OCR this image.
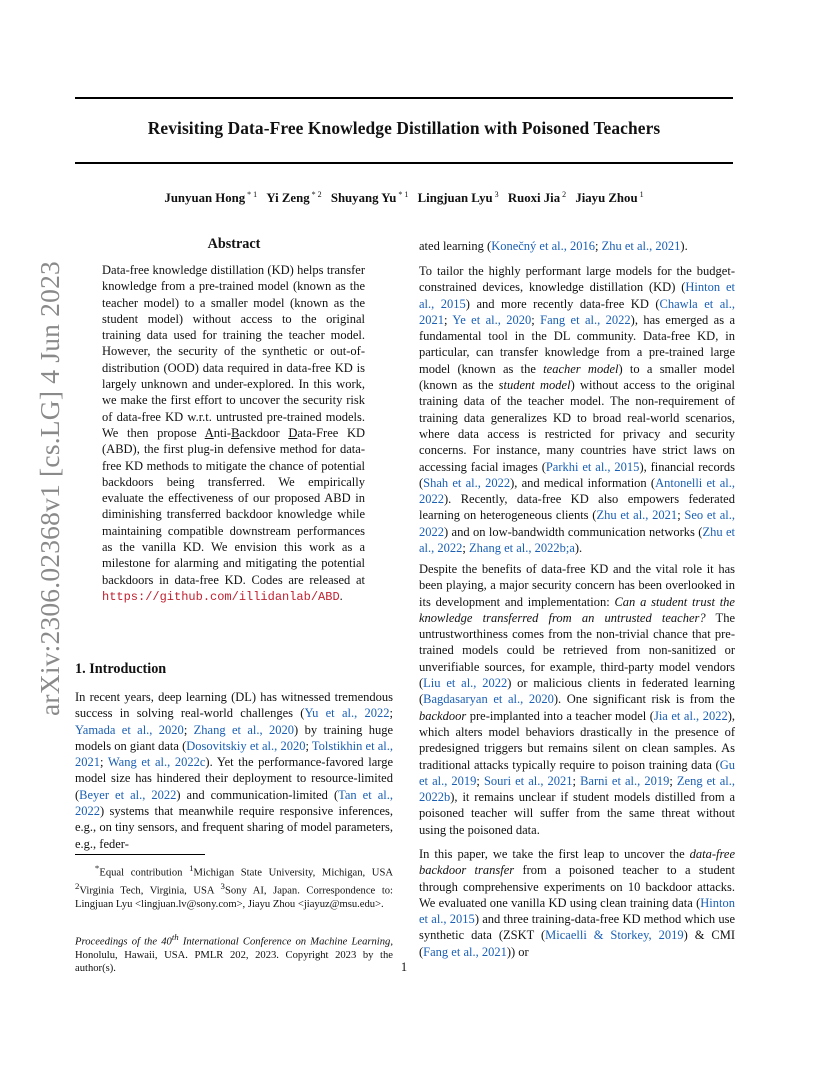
Revisiting Data-Free Knowledge Distillation with Poisoned Teachers
Junyuan Hong $^{* 1}$ Yi Zeng $^{* 2}$ Shuyang Yu $^{* 1}$ Lingjuan Lyu $^3$ Ruoxi Jia $^2$ Jiayu Zhou $^1$
arXiv:2306.02368v1 [cs.LG] 4 Jun 2023
Abstract

Data-free knowledge distillation (KD) helps transfer knowledge from a pre-trained model (known as the teacher model) to a smaller model (known as the student model) without access to the original training data used for training the teacher model. However, the security of the synthetic or out-of-distribution (OOD) data required in data-free KD is largely unknown and under-explored. In this work, we make the first effort to uncover the security risk of data-free KD w.r.t. untrusted pre-trained models. We then propose Anti-Backdoor Data-Free KD (ABD), the first plug-in defensive method for data-free KD methods to mitigate the chance of potential backdoors being transferred. We empirically evaluate the effectiveness of our proposed ABD in diminishing transferred backdoor knowledge while maintaining compatible downstream performances as the vanilla KD. We envision this work as a milestone for alarming and mitigating the potential backdoors in data-free KD. Codes are released at https://github.com/illidanlab/ABD.

1. Introduction

In recent years, deep learning (DL) has witnessed tremendous success in solving real-world challenges (Yu et al., 2022; Yamada et al., 2020; Zhang et al., 2020) by training huge models on giant data (Dosovitskiy et al., 2020; Tolstikhin et al., 2021; Wang et al., 2022c). Yet the performance-favored large model size has hindered their deployment to resource-limited (Beyer et al., 2022) and communication-limited (Tan et al., 2022) systems that meanwhile require responsive inferences, e.g., on tiny sensors, and frequent sharing of model parameters, e.g., feder-

*Equal contribution $^1$Michigan State University, Michigan, USA $^2$Virginia Tech, Virginia, USA $^3$Sony AI, Japan. Correspondence to: Lingjuan Lyu <lingjuan.lv@sony.com>, Jiayu Zhou <jiayuz@msu.edu>.

Proceedings of the 40th International Conference on Machine Learning, Honolulu, Hawaii, USA. PMLR 202, 2023. Copyright 2023 by the author(s).

ated learning (Konečný et al., 2016; Zhu et al., 2021).

To tailor the highly performant large models for the budget-constrained devices, knowledge distillation (KD) (Hinton et al., 2015) and more recently data-free KD (Chawla et al., 2021; Ye et al., 2020; Fang et al., 2022), has emerged as a fundamental tool in the DL community. Data-free KD, in particular, can transfer knowledge from a pre-trained large model (known as the teacher model) to a smaller model (known as the student model) without access to the original training data of the teacher model. The non-requirement of training data generalizes KD to broad real-world scenarios, where data access is restricted for privacy and security concerns. For instance, many countries have strict laws on accessing facial images (Parkhi et al., 2015), financial records (Shah et al., 2022), and medical information (Antonelli et al., 2022). Recently, data-free KD also empowers federated learning on heterogeneous clients (Zhu et al., 2021; Seo et al., 2022) and on low-bandwidth communication networks (Zhu et al., 2022; Zhang et al., 2022b;a).

Despite the benefits of data-free KD and the vital role it has been playing, a major security concern has been overlooked in its development and implementation: Can a student trust the knowledge transferred from an untrusted teacher? The untrustworthiness comes from the non-trivial chance that pre-trained models could be retrieved from non-sanitized or unverifiable sources, for example, third-party model vendors (Liu et al., 2022) or malicious clients in federated learning (Bagdasaryan et al., 2020). One significant risk is from the backdoor pre-implanted into a teacher model (Jia et al., 2022), which alters model behaviors drastically in the presence of predesigned triggers but remains silent on clean samples. As traditional attacks typically require to poison training data (Gu et al., 2019; Souri et al., 2021; Barni et al., 2019; Zeng et al., 2022b), it remains unclear if student models distilled from a poisoned teacher will suffer from the same threat without using the poisoned data.

In this paper, we take the first leap to uncover the data-free backdoor transfer from a poisoned teacher to a student through comprehensive experiments on 10 backdoor attacks. We evaluated one vanilla KD using clean training data (Hinton et al., 2015) and three training-data-free KD method which use synthetic data (ZSKT (Micaelli & Storkey, 2019) & CMI (Fang et al., 2021)) or

1
